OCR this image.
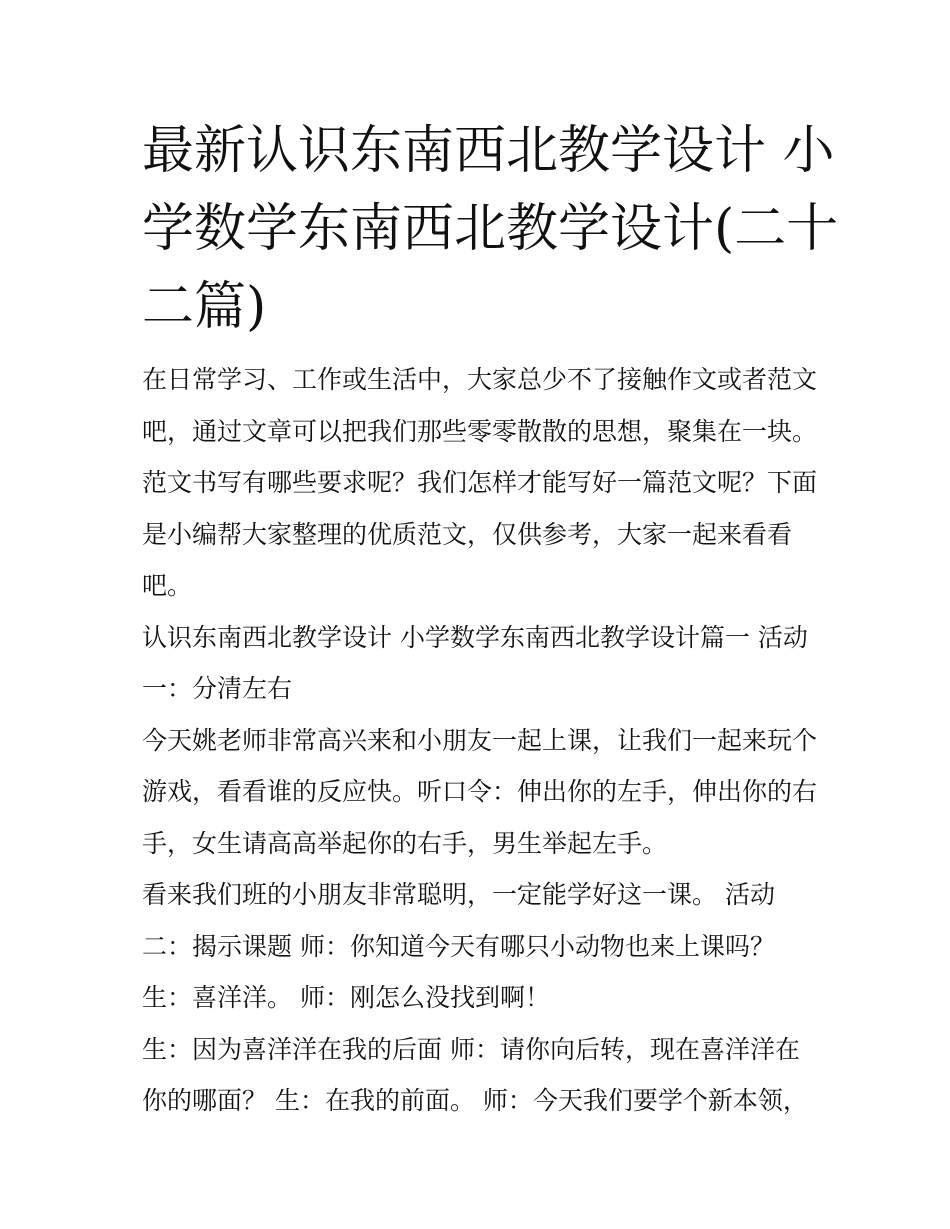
最新认识东南西北教学设计 小
学数学东南西北教学设计(二十
二篇)
在日常学习、工作或生活中，大家总少不了接触作文或者范文
吧，通过文章可以把我们那些零零散散的思想，聚集在一块。
范文书写有哪些要求呢？我们怎样才能写好一篇范文呢？下面
是小编帮大家整理的优质范文，仅供参考，大家一起来看看
吧。
认识东南西北教学设计 小学数学东南西北教学设计篇一 活动
一：分清左右
今天姚老师非常高兴来和小朋友一起上课，让我们一起来玩个
游戏，看看谁的反应快。听口令：伸出你的左手，伸出你的右
手，女生请高高举起你的右手，男生举起左手。
看来我们班的小朋友非常聪明，一定能学好这一课。 活动
二：揭示课题 师：你知道今天有哪只小动物也来上课吗？
生：喜洋洋。 师：刚怎么没找到啊！
生：因为喜洋洋在我的后面 师：请你向后转，现在喜洋洋在
你的哪面？ 生：在我的前面。 师：今天我们要学个新本领，
